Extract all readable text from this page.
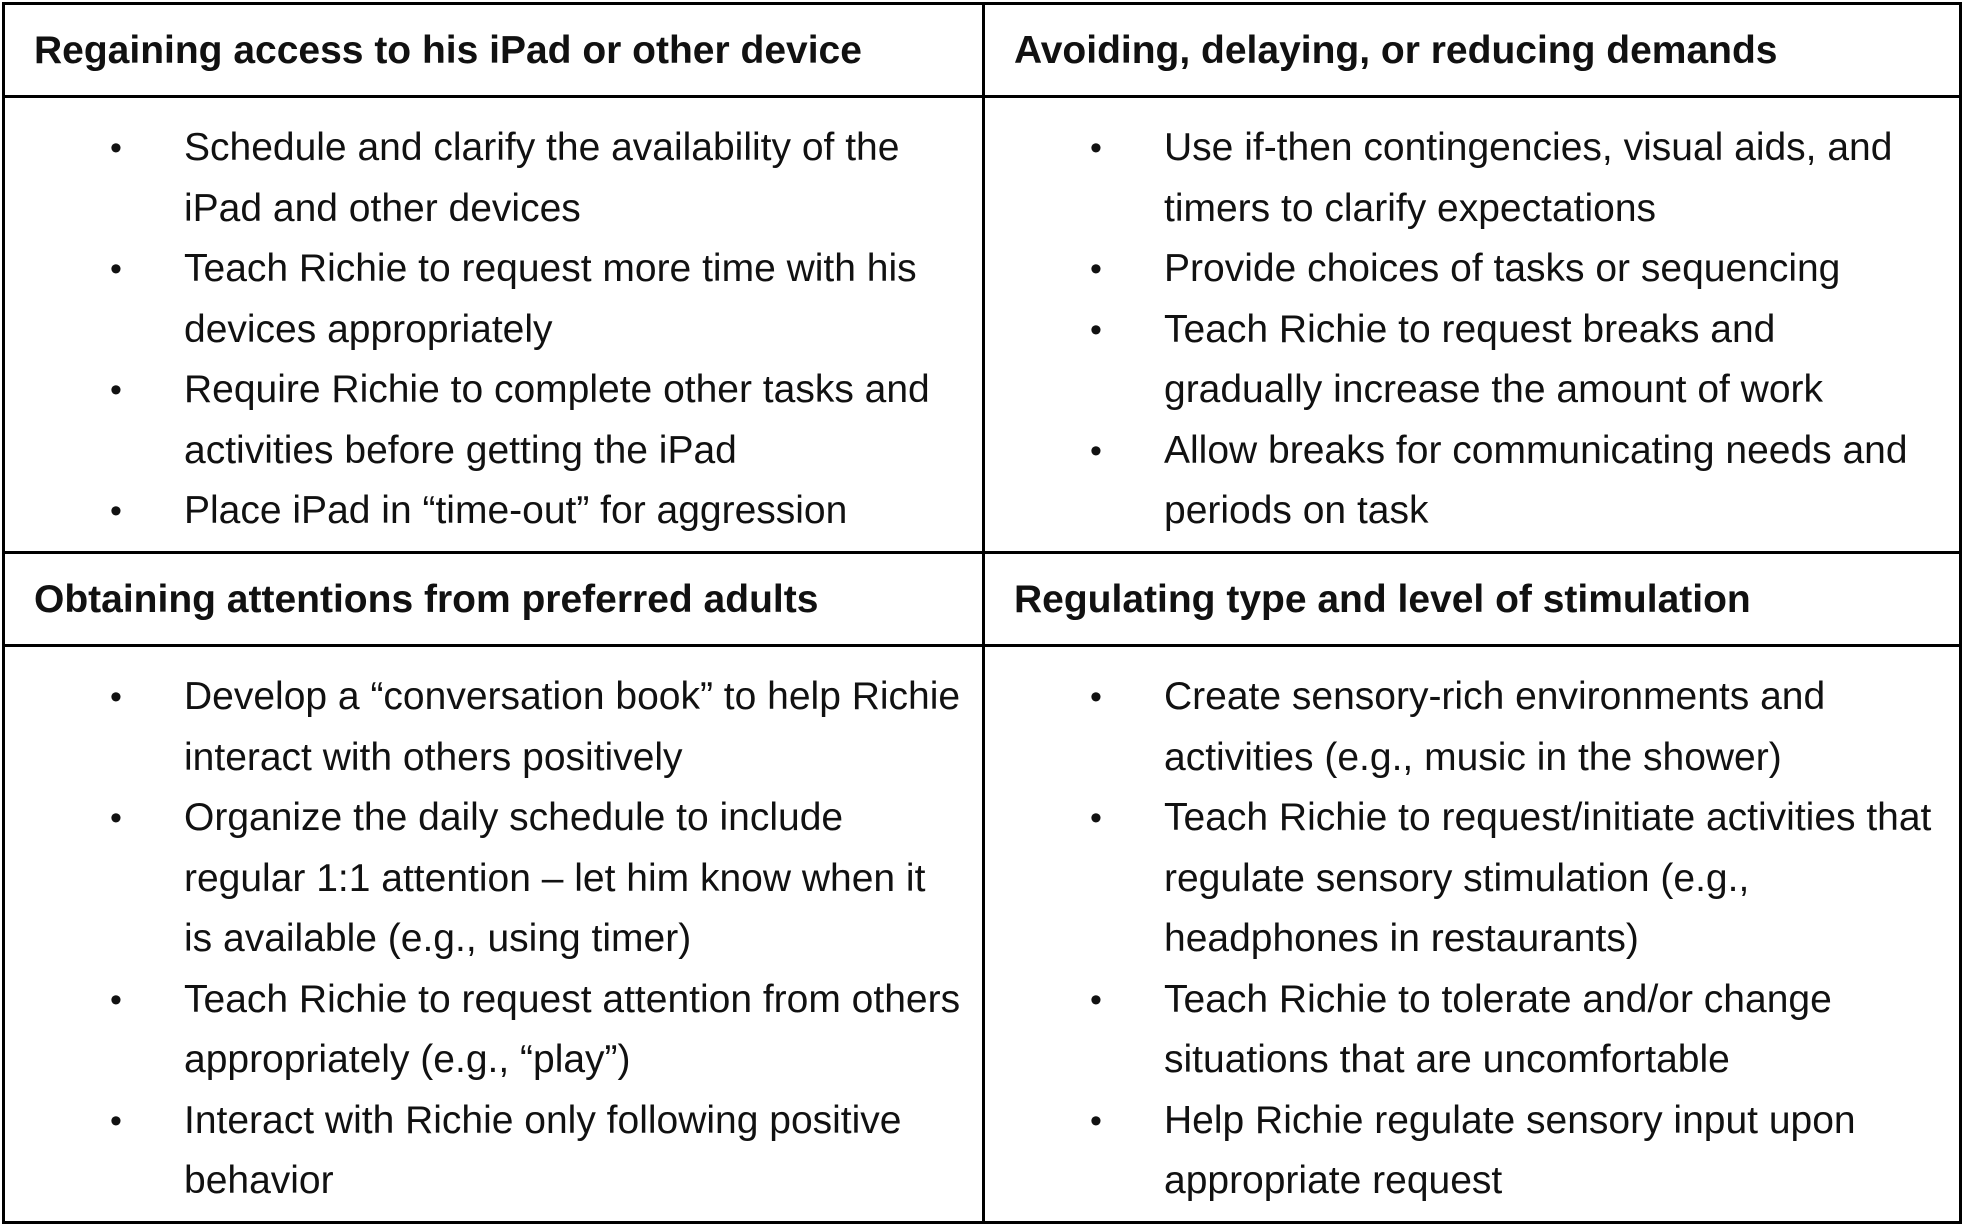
Regaining access to his iPad or other device	Avoiding, delaying, or reducing demands
• Schedule and clarify the availability of the iPad and other devices
• Teach Richie to request more time with his devices appropriately
• Require Richie to complete other tasks and activities before getting the iPad
• Place iPad in “time-out” for aggression
• Use if-then contingencies, visual aids, and timers to clarify expectations
• Provide choices of tasks or sequencing
• Teach Richie to request breaks and gradually increase the amount of work
• Allow breaks for communicating needs and periods on task
Obtaining attentions from preferred adults	Regulating type and level of stimulation
• Develop a “conversation book” to help Richie interact with others positively
• Organize the daily schedule to include regular 1:1 attention – let him know when it is available (e.g., using timer)
• Teach Richie to request attention from others appropriately (e.g., “play”)
• Interact with Richie only following positive behavior
• Create sensory-rich environments and activities (e.g., music in the shower)
• Teach Richie to request/initiate activities that regulate sensory stimulation (e.g., headphones in restaurants)
• Teach Richie to tolerate and/or change situations that are uncomfortable
• Help Richie regulate sensory input upon appropriate request
